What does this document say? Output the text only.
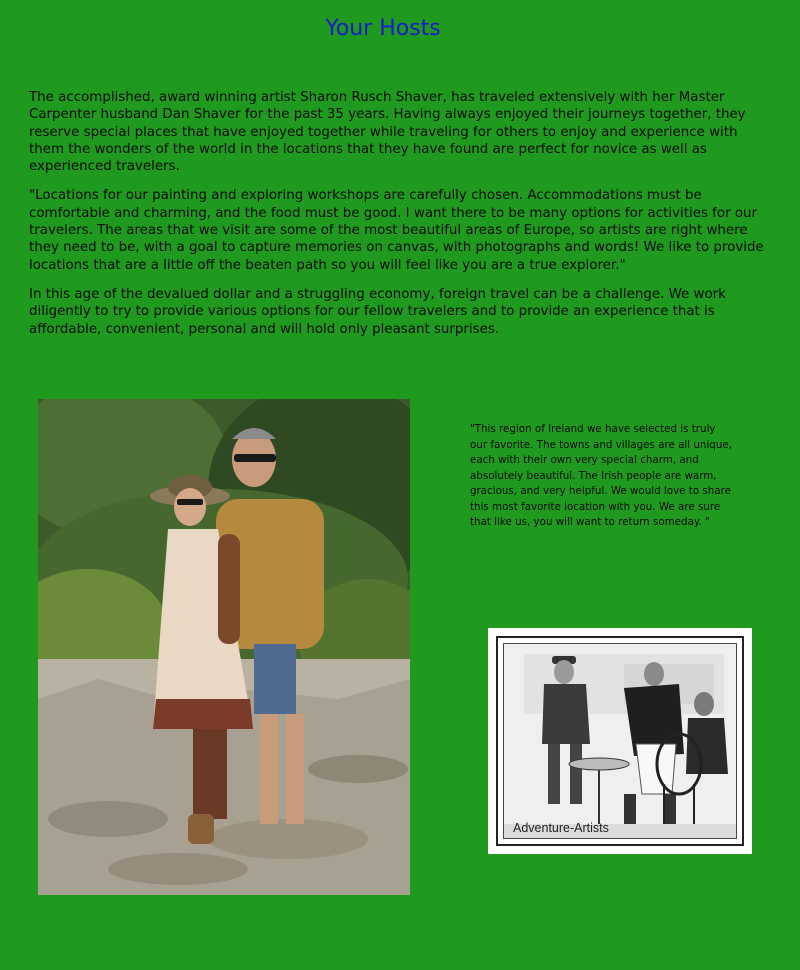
Your Hosts

The accomplished, award winning artist Sharon Rusch Shaver, has traveled extensively with her Master Carpenter husband Dan Shaver for the past 35 years. Having always enjoyed their journeys together, they reserve special places that have enjoyed together while traveling for others to enjoy and experience with them the wonders of the world in the locations that they have found are perfect for novice as well as experienced travelers.

"Locations for our painting and exploring workshops are carefully chosen. Accommodations must be comfortable and charming, and the food must be good. I want there to be many options for activities for our travelers. The areas that we visit are some of the most beautiful areas of Europe, so artists are right where they need to be, with a goal to capture memories on canvas, with photographs and words! We like to provide locations that are a little off the beaten path so you will feel like you are a true explorer."

In this age of the devalued dollar and a struggling economy, foreign travel can be a challenge. We work diligently to try to provide various options for our fellow travelers and to provide an experience that is affordable, convenient, personal and will hold only pleasant surprises.

"This region of Ireland we have selected is truly our favorite. The towns and villages are all unique, each with their own very special charm, and absolutely beautiful. The Irish people are warm, gracious, and very helpful. We would love to share this most favorite location with you. We are sure that like us, you will want to return someday. "
Adventure-Artists
